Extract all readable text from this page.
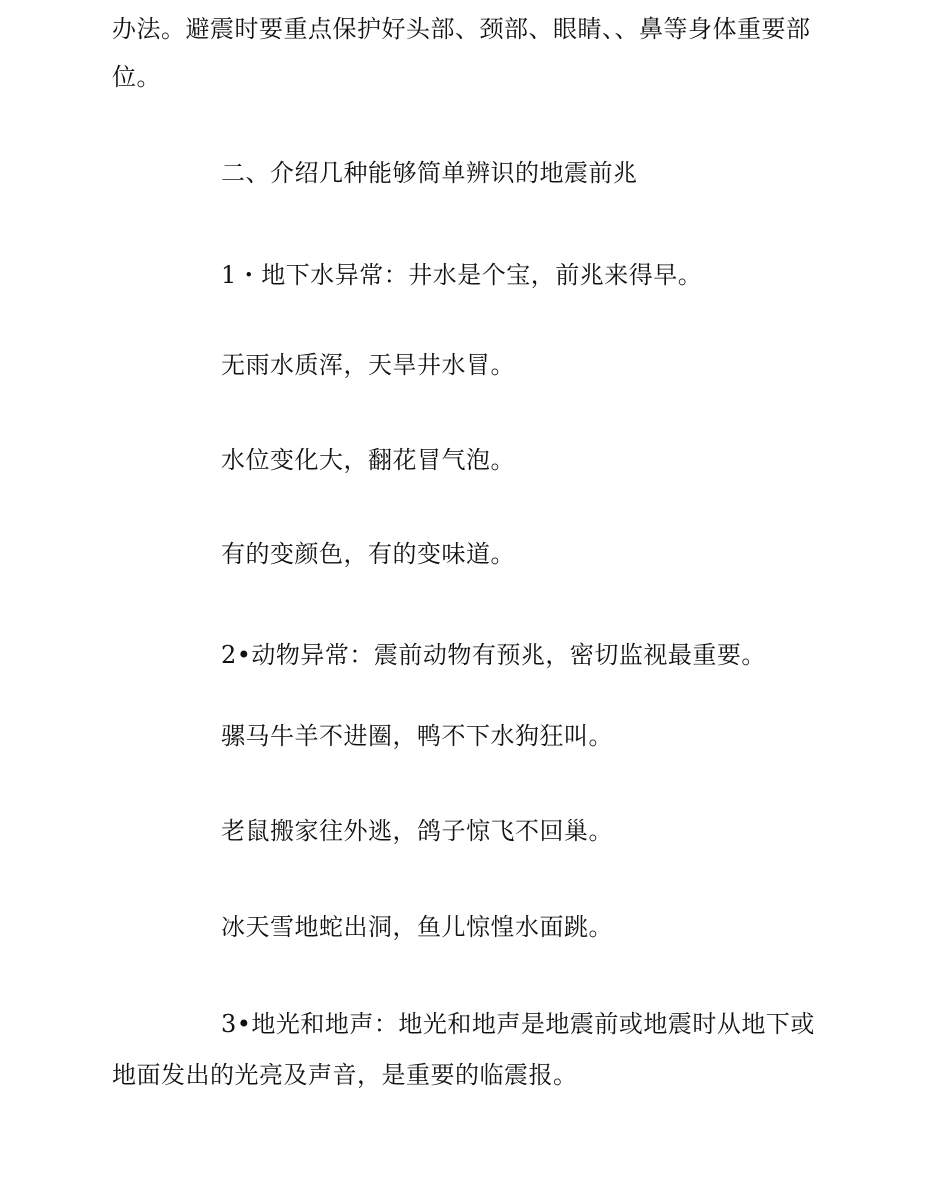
办法。避震时要重点保护好头部、颈部、眼睛、、鼻等身体重要部
位。
二、介绍几种能够简单辨识的地震前兆
1・地下水异常：井水是个宝，前兆来得早。
无雨水质浑，天旱井水冒。
水位变化大，翻花冒气泡。
有的变颜色，有的变味道。
2•动物异常：震前动物有预兆，密切监视最重要。
骡马牛羊不进圈，鸭不下水狗狂叫。
老鼠搬家往外逃，鸽子惊飞不回巢。
冰天雪地蛇出洞，鱼儿惊惶水面跳。
3•地光和地声：地光和地声是地震前或地震时从地下或
地面发出的光亮及声音，是重要的临震报。
